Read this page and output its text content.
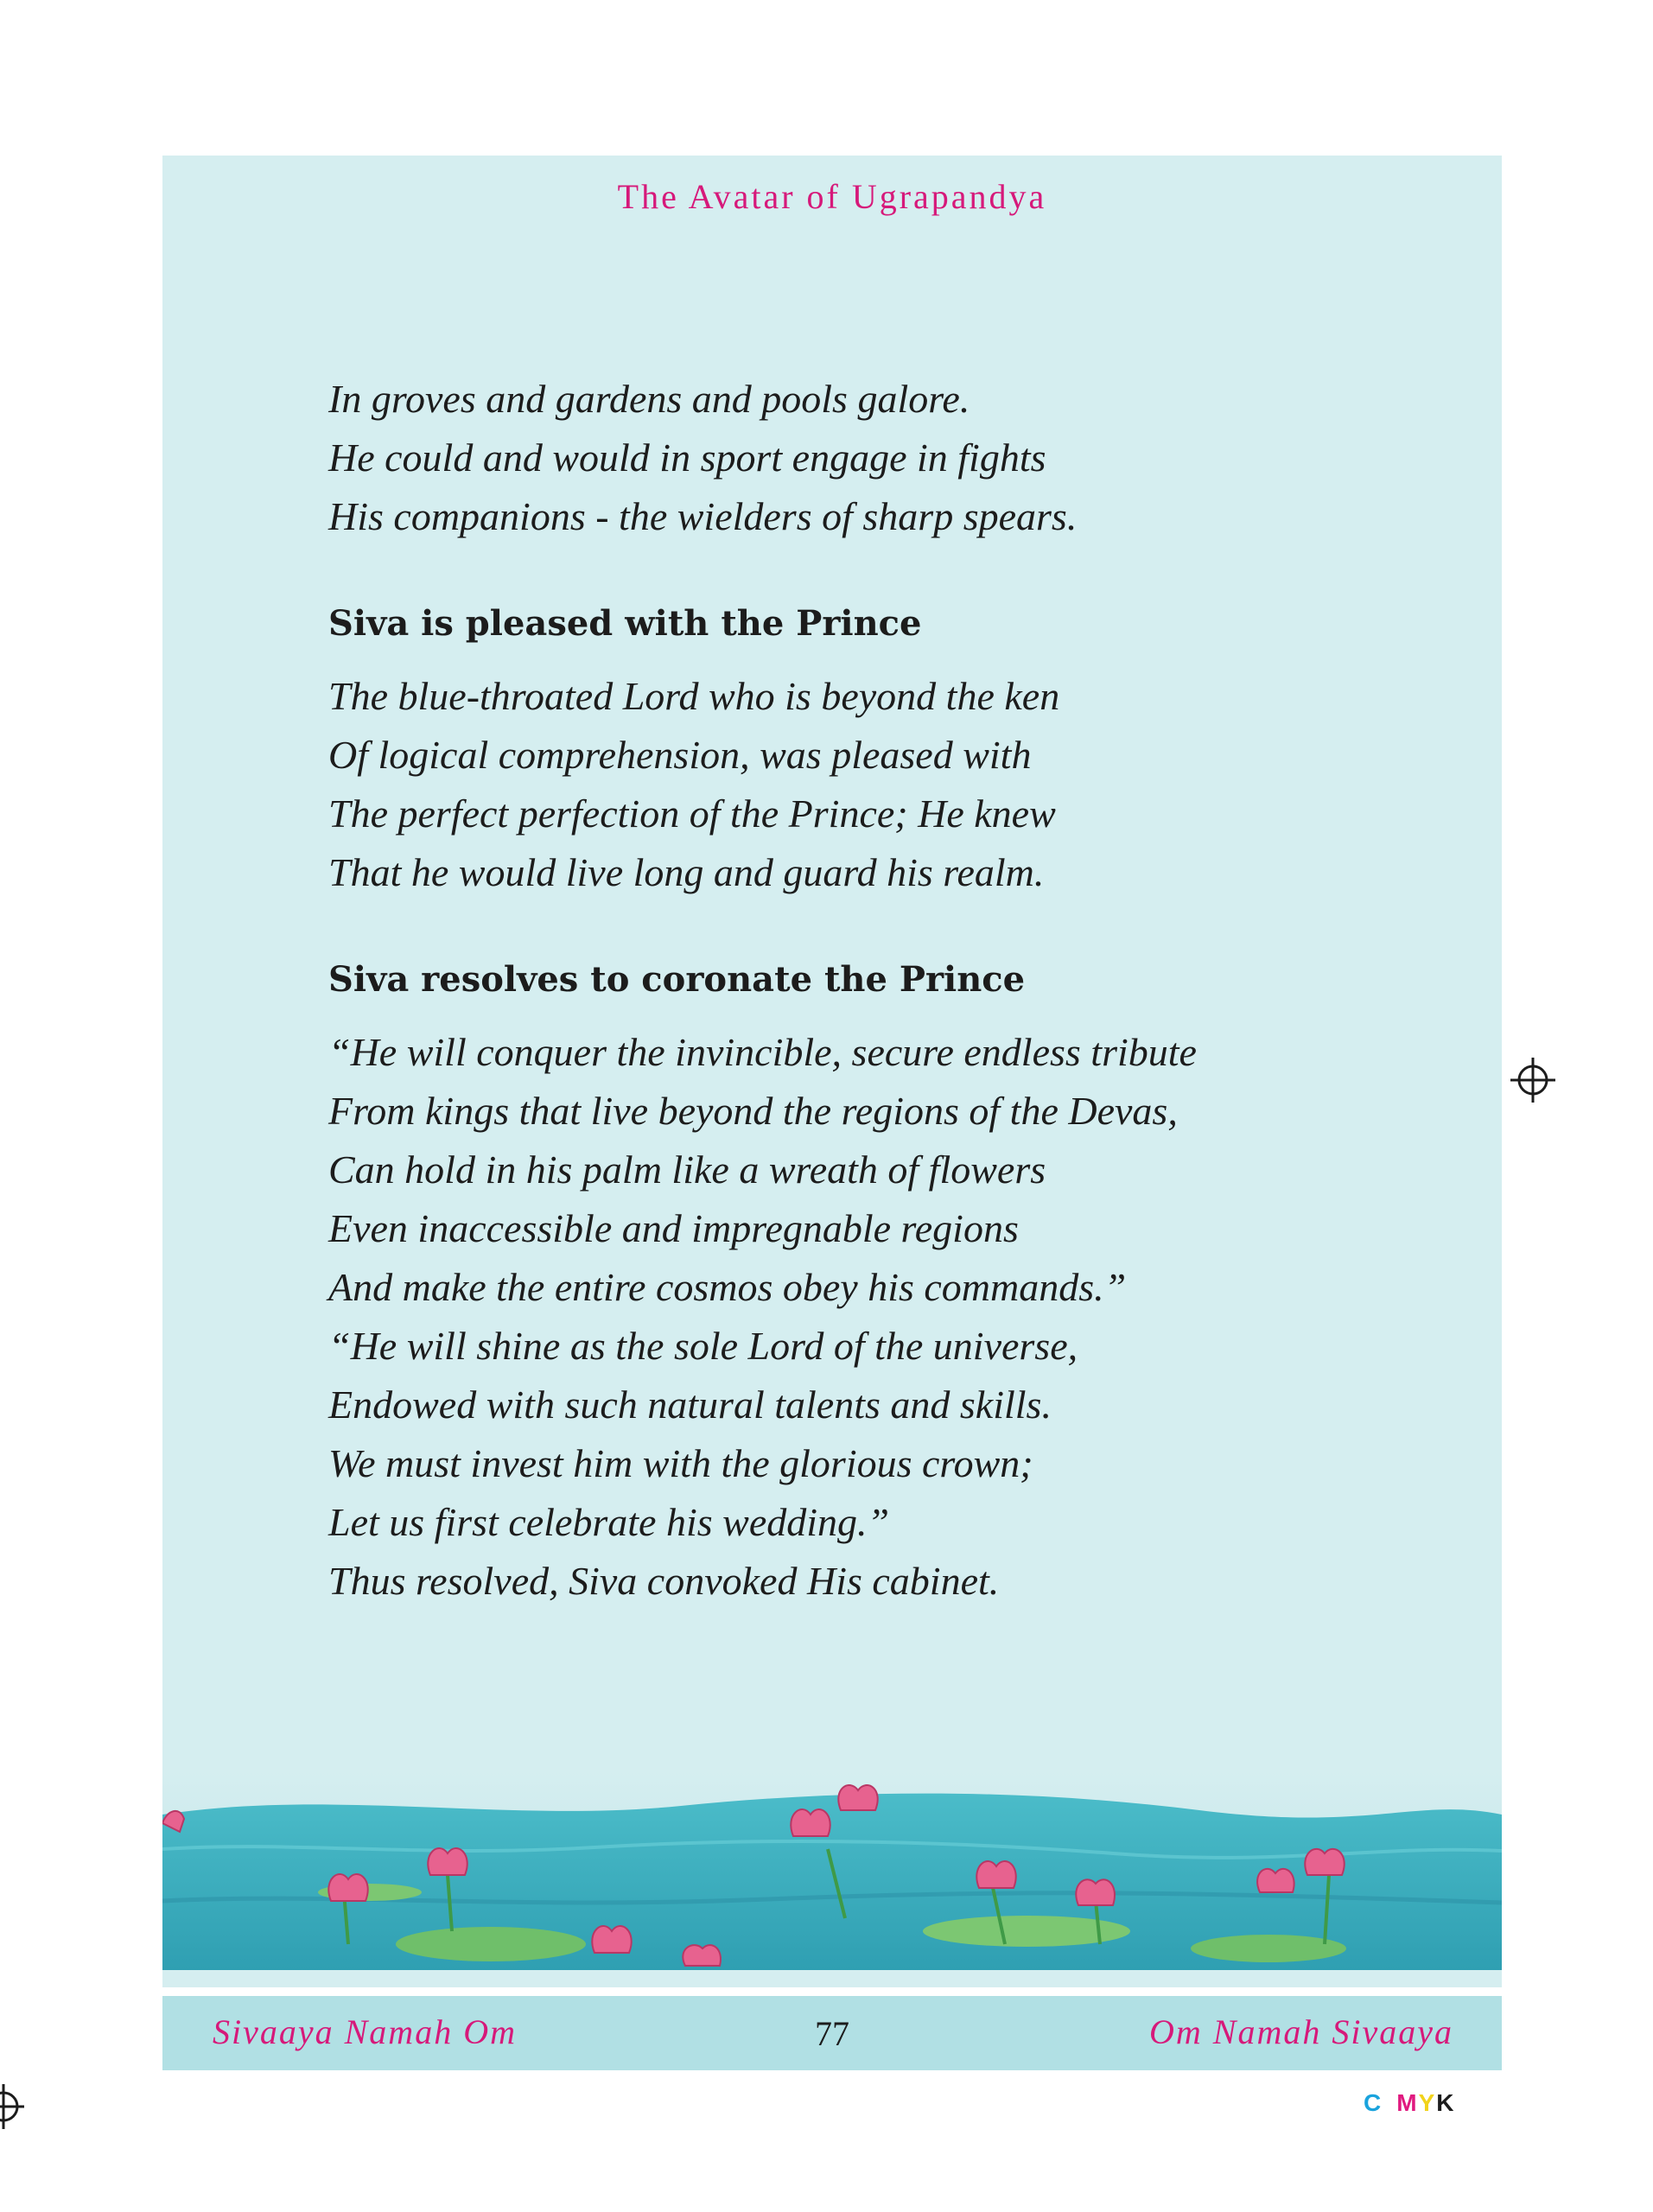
The Avatar of Ugrapandya
In groves and gardens and pools galore.
He could and would in sport engage in fights
His companions - the wielders of sharp spears.
Siva is pleased with the Prince
The blue-throated Lord who is beyond the ken
Of logical comprehension, was pleased with
The perfect perfection of the Prince; He knew
That he would live long and guard his realm.
Siva resolves to coronate the Prince
“He will conquer the invincible, secure endless tribute
From kings that live beyond the regions of the Devas,
Can hold in his palm like a wreath of flowers
Even inaccessible and impregnable regions
And make the entire cosmos obey his commands.”
“He will shine as the sole Lord of the universe,
Endowed with such natural talents and skills.
We must invest him with the glorious crown;
Let us first celebrate his wedding.”
Thus resolved, Siva convoked His cabinet.
Sivaaya Namah Om	77	Om Namah Sivaaya
C MYK
